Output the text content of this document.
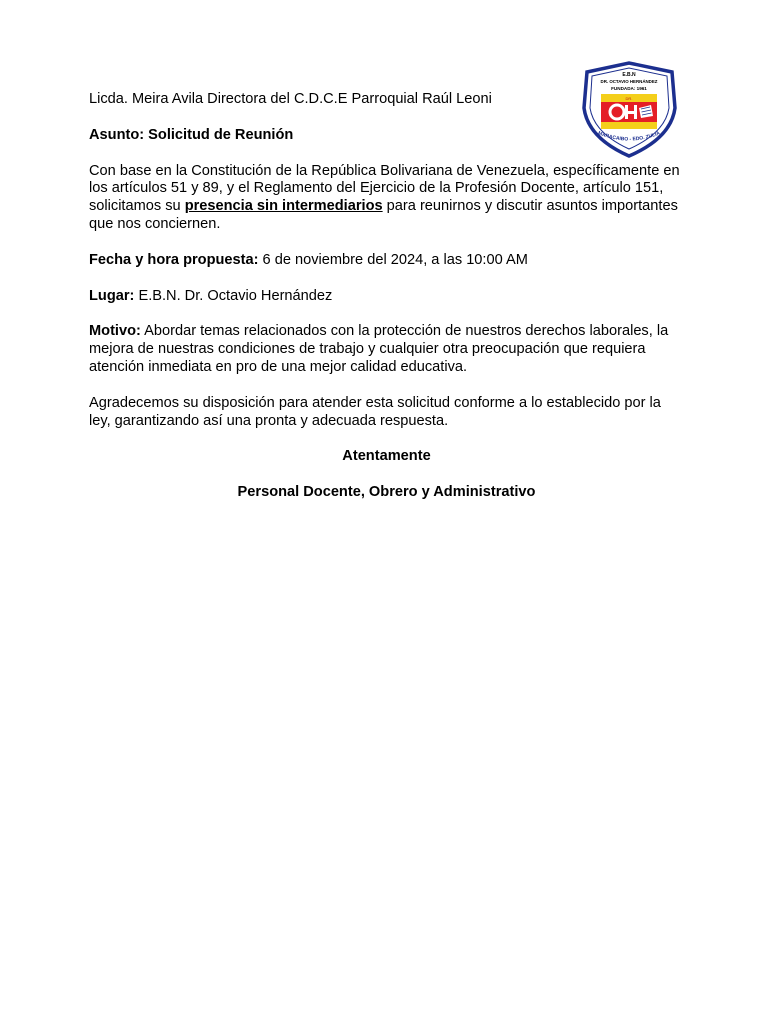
E.B.N
DR. OCTAVIO HERNÁNDEZ
FUNDADA: 1961
DR.
MARACAIBO - EDO. ZULIA

Licda. Meira Avila Directora del C.D.C.E Parroquial Raúl Leoni

Asunto: Solicitud de Reunión

Con base en la Constitución de la República Bolivariana de Venezuela, específicamente en los artículos 51 y 89, y el Reglamento del Ejercicio de la Profesión Docente, artículo 151, solicitamos su presencia sin intermediarios para reunirnos y discutir asuntos importantes que nos conciernen.

Fecha y hora propuesta: 6 de noviembre del 2024, a las 10:00 AM

Lugar: E.B.N. Dr. Octavio Hernández

Motivo: Abordar temas relacionados con la protección de nuestros derechos laborales, la mejora de nuestras condiciones de trabajo y cualquier otra preocupación que requiera atención inmediata en pro de una mejor calidad educativa.

Agradecemos su disposición para atender esta solicitud conforme a lo establecido por la ley, garantizando así una pronta y adecuada respuesta.

Atentamente

Personal Docente, Obrero y Administrativo
